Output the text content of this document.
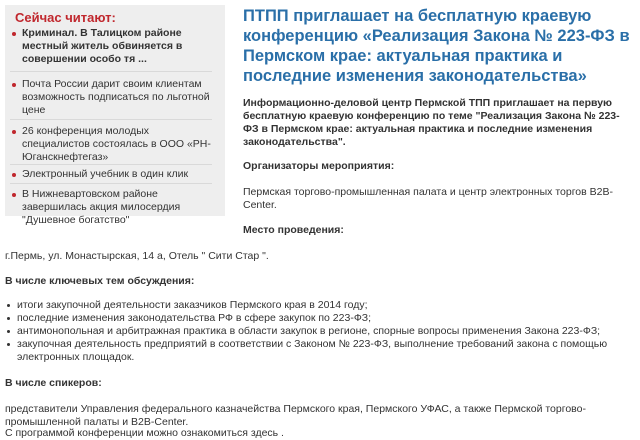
Сейчас читают:
Криминал. В Талицком районе местный житель обвиняется в совершении особо тя ...
Почта России дарит своим клиентам возможность подписаться по льготной цене
26 конференция молодых специалистов состоялась в ООО «РН-Юганскнефтегаз»
Электронный учебник в один клик
В Нижневартовском районе завершилась акция милосердия "Душевное богатство"
ПТПП приглашает на бесплатную краевую конференцию «Реализация Закона № 223-ФЗ в Пермском крае: актуальная практика и последние изменения законодательства»
Информационно-деловой центр Пермской ТПП приглашает на первую бесплатную краевую конференцию по теме "Реализация Закона № 223-ФЗ в Пермском крае: актуальная практика и последние изменения законодательства".
Организаторы мероприятия:
Пермская торгово-промышленная палата и центр электронных торгов B2B-Center.
Место проведения:
г.Пермь, ул. Монастырская, 14 а, Отель " Сити Стар ".
В числе ключевых тем обсуждения:
итоги закупочной деятельности заказчиков Пермского края в 2014 году;
последние изменения законодательства РФ в сфере закупок по 223-ФЗ;
антимонопольная и арбитражная практика в области закупок в регионе, спорные вопросы применения Закона 223-ФЗ;
закупочная деятельность предприятий в соответствии с Законом № 223-ФЗ, выполнение требований закона с помощью электронных площадок.
В числе спикеров:
представители Управления федерального казначейства Пермского края, Пермского УФАС, а также Пермской торгово-промышленной палаты и B2B-Center.
С программой конференции можно ознакомиться здесь .
